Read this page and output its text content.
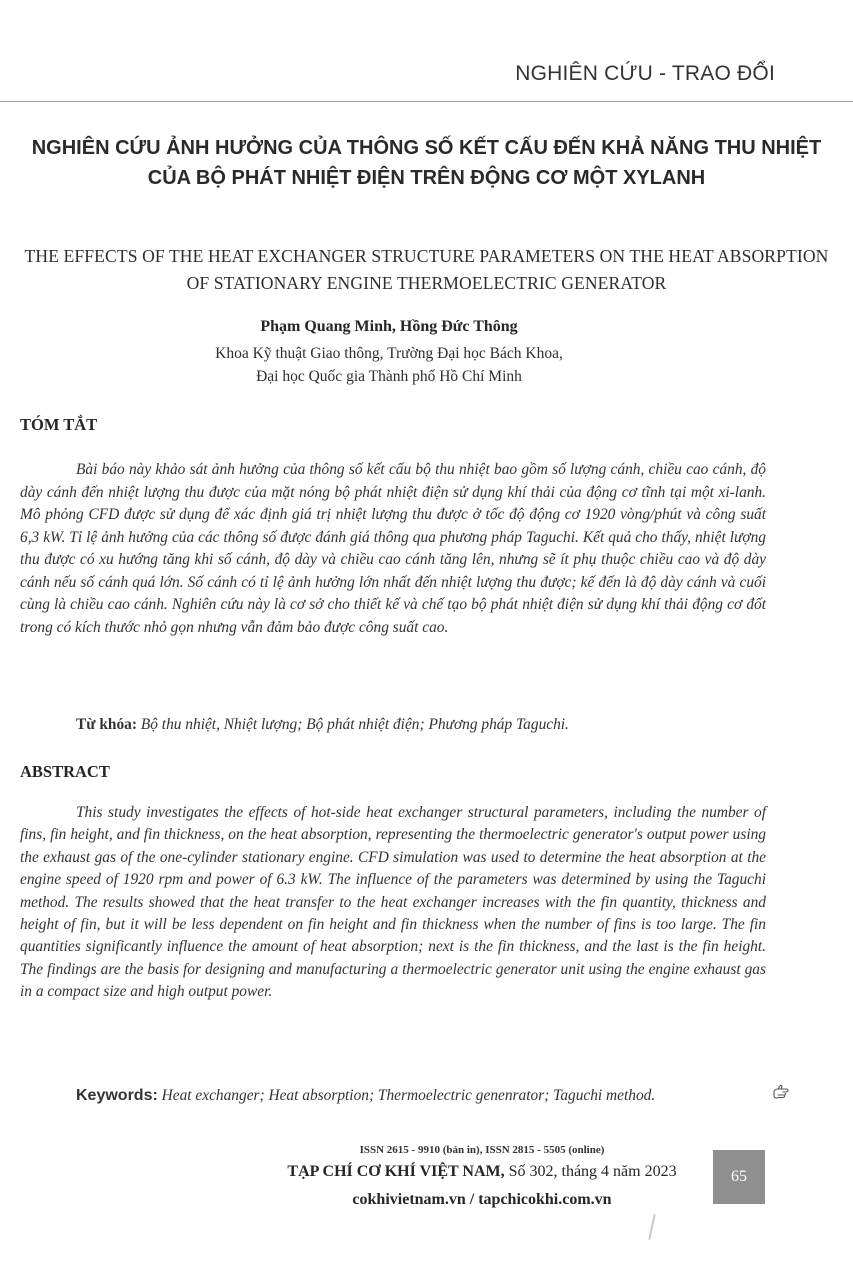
NGHIÊN CỨU - TRAO ĐỔI
NGHIÊN CỨU ẢNH HƯỞNG CỦA THÔNG SỐ KẾT CẤU ĐẾN KHẢ NĂNG THU NHIỆT CỦA BỘ PHÁT NHIỆT ĐIỆN TRÊN ĐỘNG CƠ MỘT XYLANH
THE EFFECTS OF THE HEAT EXCHANGER STRUCTURE PARAMETERS ON THE HEAT ABSORPTION OF STATIONARY ENGINE THERMOELECTRIC GENERATOR
Phạm Quang Minh, Hồng Đức Thông
Khoa Kỹ thuật Giao thông, Trường Đại học Bách Khoa,
Đại học Quốc gia Thành phố Hồ Chí Minh
TÓM TẮT
Bài báo này khảo sát ảnh hưởng của thông số kết cấu bộ thu nhiệt bao gồm số lượng cánh, chiều cao cánh, độ dày cánh đến nhiệt lượng thu được của mặt nóng bộ phát nhiệt điện sử dụng khí thải của động cơ tĩnh tại một xi-lanh. Mô phỏng CFD được sử dụng để xác định giá trị nhiệt lượng thu được ở tốc độ động cơ 1920 vòng/phút và công suất 6,3 kW. Tỉ lệ ảnh hưởng của các thông số được đánh giá thông qua phương pháp Taguchi. Kết quả cho thấy, nhiệt lượng thu được có xu hướng tăng khi số cánh, độ dày và chiều cao cánh tăng lên, nhưng sẽ ít phụ thuộc chiều cao và độ dày cánh nếu số cánh quá lớn. Số cánh có tỉ lệ ảnh hưởng lớn nhất đến nhiệt lượng thu được; kế đến là độ dày cánh và cuối cùng là chiều cao cánh. Nghiên cứu này là cơ sở cho thiết kế và chế tạo bộ phát nhiệt điện sử dụng khí thải động cơ đốt trong có kích thước nhỏ gọn nhưng vẫn đảm bảo được công suất cao.
Từ khóa: Bộ thu nhiệt, Nhiệt lượng; Bộ phát nhiệt điện; Phương pháp Taguchi.
ABSTRACT
This study investigates the effects of hot-side heat exchanger structural parameters, including the number of fins, fin height, and fin thickness, on the heat absorption, representing the thermoelectric generator's output power using the exhaust gas of the one-cylinder stationary engine. CFD simulation was used to determine the heat absorption at the engine speed of 1920 rpm and power of 6.3 kW. The influence of the parameters was determined by using the Taguchi method. The results showed that the heat transfer to the heat exchanger increases with the fin quantity, thickness and height of fin, but it will be less dependent on fin height and fin thickness when the number of fins is too large. The fin quantities significantly influence the amount of heat absorption; next is the fin thickness, and the last is the fin height. The findings are the basis for designing and manufacturing a thermoelectric generator unit using the engine exhaust gas in a compact size and high output power.
Keywords: Heat exchanger; Heat absorption; Thermoelectric genenrator; Taguchi method.
ISSN 2615 - 9910 (bản in), ISSN 2815 - 5505 (online)
TẠP CHÍ CƠ KHÍ VIỆT NAM, Số 302, tháng 4 năm 2023
cokhivietnam.vn / tapchicokhi.com.vn
65
